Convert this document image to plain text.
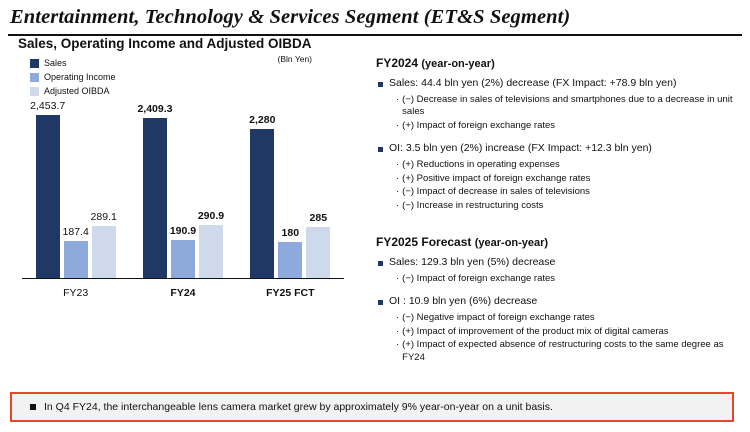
Entertainment, Technology & Services Segment (ET&S Segment)
Sales, Operating Income and Adjusted OIBDA
Sales
Operating Income
Adjusted OIBDA
(Bln Yen)
2,453.7
187.4
289.1
2,409.3
190.9
290.9
2,280
180
285
FY23	FY24	FY25 FCT
FY2024 (year-on-year)
Sales: 44.4 bln yen (2%) decrease (FX Impact: +78.9 bln yen)
· (−) Decrease in sales of televisions and smartphones due to a decrease in unit sales
· (+) Impact of foreign exchange rates
OI: 3.5 bln yen (2%) increase (FX Impact: +12.3 bln yen)
· (+) Reductions in operating expenses
· (+) Positive impact of foreign exchange rates
· (−) Impact of decrease in sales of televisions
· (−) Increase in restructuring costs
FY2025 Forecast (year-on-year)
Sales: 129.3 bln yen (5%) decrease
· (−) Impact of foreign exchange rates
OI : 10.9 bln yen (6%) decrease
· (−) Negative impact of foreign exchange rates
· (+) Impact of improvement of the product mix of digital cameras
· (+) Impact of expected absence of restructuring costs to the same degree as FY24
In Q4 FY24, the interchangeable lens camera market grew by approximately 9% year-on-year on a unit basis.
